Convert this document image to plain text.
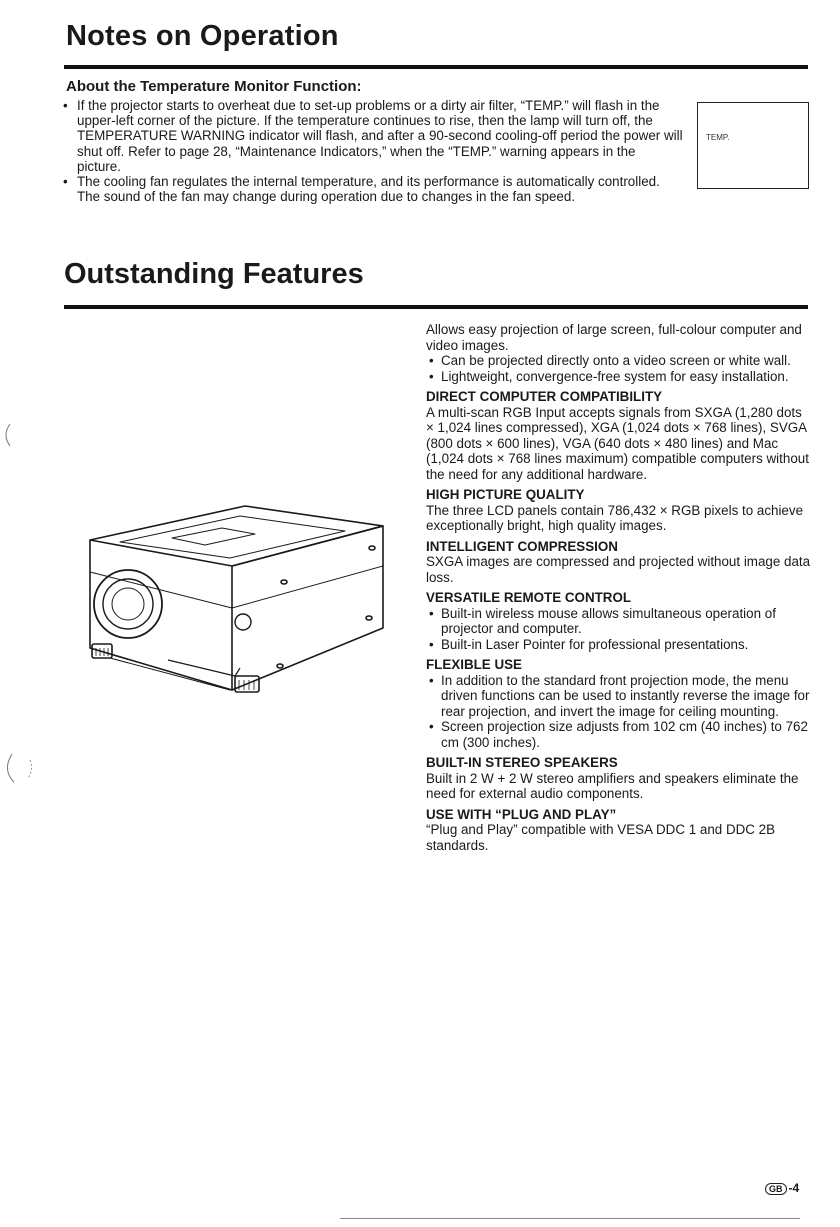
Notes on Operation
About the Temperature Monitor Function:
• If the projector starts to overheat due to set-up problems or a dirty air filter, “TEMP.” will flash in the upper-left corner of the picture. If the temperature continues to rise, then the lamp will turn off, the TEMPERATURE WARNING indicator will flash, and after a 90-second cooling-off period the power will shut off. Refer to page 28, “Maintenance Indicators,” when the “TEMP.” warning appears in the picture.
• The cooling fan regulates the internal temperature, and its performance is automatically controlled. The sound of the fan may change during operation due to changes in the fan speed.
TEMP.
Outstanding Features

Allows easy projection of large screen, full-colour computer and video images.

• Can be projected directly onto a video screen or white wall.

• Lightweight, convergence-free system for easy installation.

DIRECT COMPUTER COMPATIBILITY

A multi-scan RGB Input accepts signals from SXGA (1,280 dots × 1,024 lines compressed), XGA (1,024 dots × 768 lines), SVGA (800 dots × 600 lines), VGA (640 dots × 480 lines) and Mac (1,024 dots × 768 lines maximum) compatible computers without the need for any additional hardware.

HIGH PICTURE QUALITY

The three LCD panels contain 786,432 × RGB pixels to achieve exceptionally bright, high quality images.

INTELLIGENT COMPRESSION

SXGA images are compressed and projected without image data loss.

VERSATILE REMOTE CONTROL

• Built-in wireless mouse allows simultaneous operation of projector and computer.

• Built-in Laser Pointer for professional presentations.

FLEXIBLE USE

• In addition to the standard front projection mode, the menu driven functions can be used to instantly reverse the image for rear projection, and invert the image for ceiling mounting.

• Screen projection size adjusts from 102 cm (40 inches) to 762 cm (300 inches).

BUILT-IN STEREO SPEAKERS

Built in 2 W + 2 W stereo amplifiers and speakers eliminate the need for external audio components.

USE WITH “PLUG AND PLAY”

“Plug and Play” compatible with VESA DDC 1 and DDC 2B standards.

GB -4
